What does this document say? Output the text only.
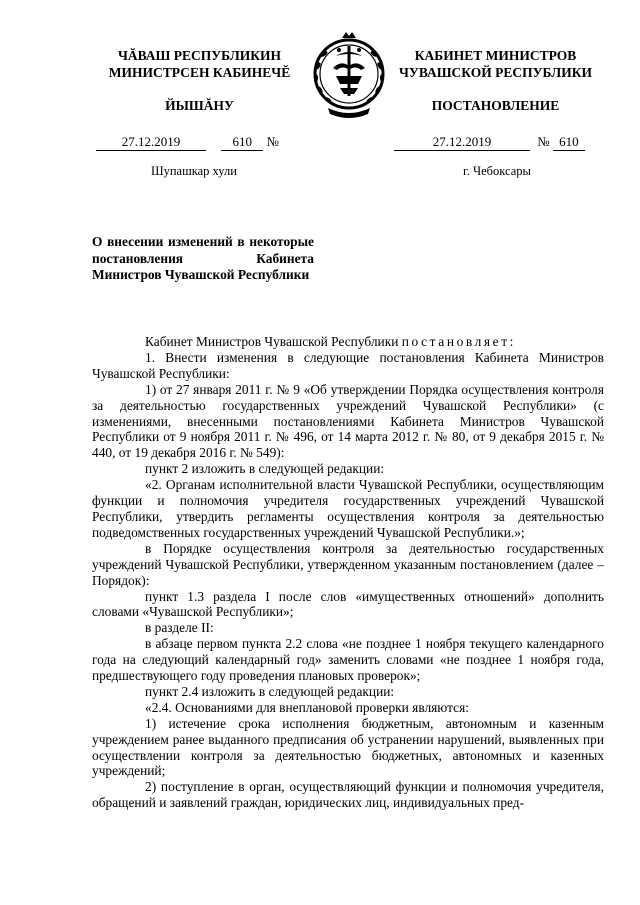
ЧĂВАШ РЕСПУБЛИКИН
МИНИСТРСЕН КАБИНЕЧĔ
ЙЫШĂНУ
КАБИНЕТ МИНИСТРОВ
ЧУВАШСКОЙ РЕСПУБЛИКИ
ПОСТАНОВЛЕНИЕ
27.12.2019	610 №	27.12.2019	№ 610
Шупашкар хули	г. Чебоксары
О внесении изменений в некоторые постановления Кабинета Министров Чувашской Республики

Кабинет Министров Чувашской Республики постановляет:

1. Внести изменения в следующие постановления Кабинета Министров Чувашской Республики:

1) от 27 января 2011 г. № 9 «Об утверждении Порядка осуществления контроля за деятельностью государственных учреждений Чувашской Республики» (с изменениями, внесенными постановлениями Кабинета Министров Чувашской Республики от 9 ноября 2011 г. № 496, от 14 марта 2012 г. № 80, от 9 декабря 2015 г. № 440, от 19 декабря 2016 г. № 549):

пункт 2 изложить в следующей редакции:

«2. Органам исполнительной власти Чувашской Республики, осуществляющим функции и полномочия учредителя государственных учреждений Чувашской Республики, утвердить регламенты осуществления контроля за деятельностью подведомственных государственных учреждений Чувашской Республики.»;

в Порядке осуществления контроля за деятельностью государственных учреждений Чувашской Республики, утвержденном указанным постановлением (далее – Порядок):

пункт 1.3 раздела I после слов «имущественных отношений» дополнить словами «Чувашской Республики»;

в разделе II:

в абзаце первом пункта 2.2 слова «не позднее 1 ноября текущего календарного года на следующий календарный год» заменить словами «не позднее 1 ноября года, предшествующего году проведения плановых проверок»;

пункт 2.4 изложить в следующей редакции:

«2.4. Основаниями для внеплановой проверки являются:

1) истечение срока исполнения бюджетным, автономным и казенным учреждением ранее выданного предписания об устранении нарушений, выявленных при осуществлении контроля за деятельностью бюджетных, автономных и казенных учреждений;

2) поступление в орган, осуществляющий функции и полномочия учредителя, обращений и заявлений граждан, юридических лиц, индивидуальных пред-
